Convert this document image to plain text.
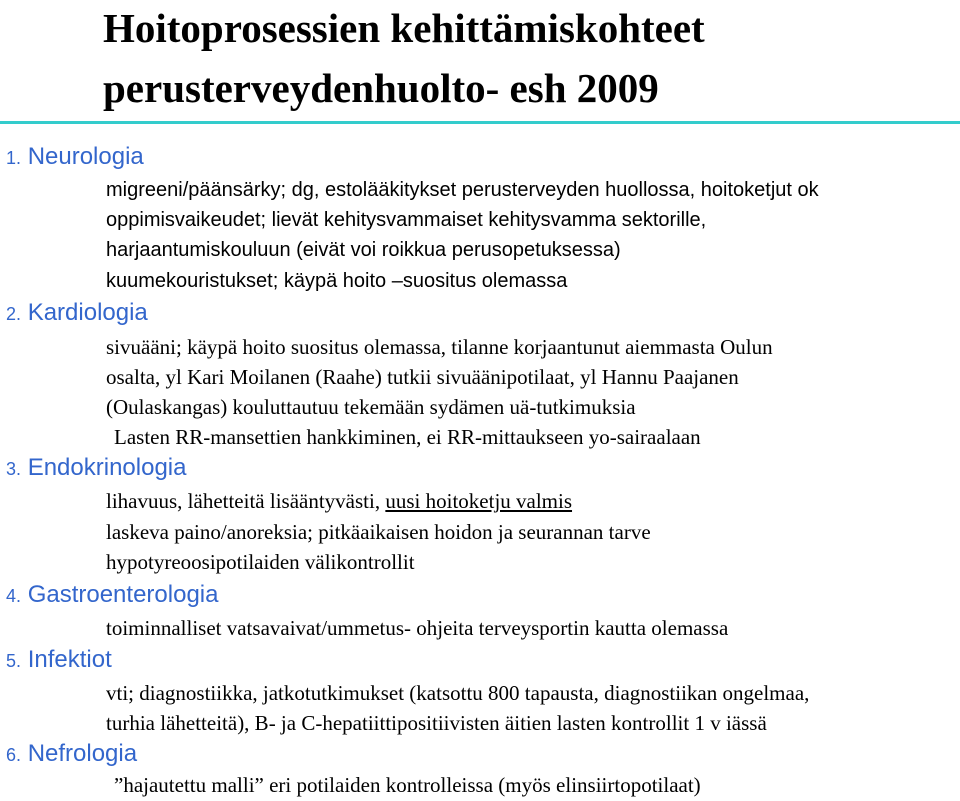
Hoitoprosessien kehittämiskohteet
perusterveydenhuolto- esh 2009
1. Neurologia
migreeni/päänsärky; dg, estolääkitykset perusterveyden huollossa, hoitoketjut ok
oppimisvaikeudet; lievät kehitysvammaiset kehitysvamma sektorille,
harjaantumiskouluun (eivät voi roikkua perusopetuksessa)
kuumekouristukset; käypä hoito –suositus olemassa
2. Kardiologia
sivuääni; käypä hoito suositus olemassa, tilanne korjaantunut aiemmasta Oulun
osalta, yl Kari Moilanen (Raahe) tutkii sivuäänipotilaat, yl Hannu Paajanen
(Oulaskangas) kouluttautuu tekemään sydämen uä-tutkimuksia
Lasten RR-mansettien hankkiminen, ei RR-mittaukseen yo-sairaalaan
3. Endokrinologia
lihavuus, lähetteitä lisääntyvästi, uusi hoitoketju valmis
laskeva paino/anoreksia; pitkäaikaisen hoidon ja seurannan tarve
hypotyreoosipotilaiden välikontrollit
4. Gastroenterologia
toiminnalliset vatsavaivat/ummetus- ohjeita terveysportin kautta olemassa
5. Infektiot
vti; diagnostiikka, jatkotutkimukset (katsottu 800 tapausta, diagnostiikan ongelmaa,
turhia lähetteitä), B- ja C-hepatiittipositiivisten äitien lasten kontrollit 1 v iässä
6. Nefrologia
”hajautettu malli” eri potilaiden kontrolleissa (myös elinsiirtopotilaat)
